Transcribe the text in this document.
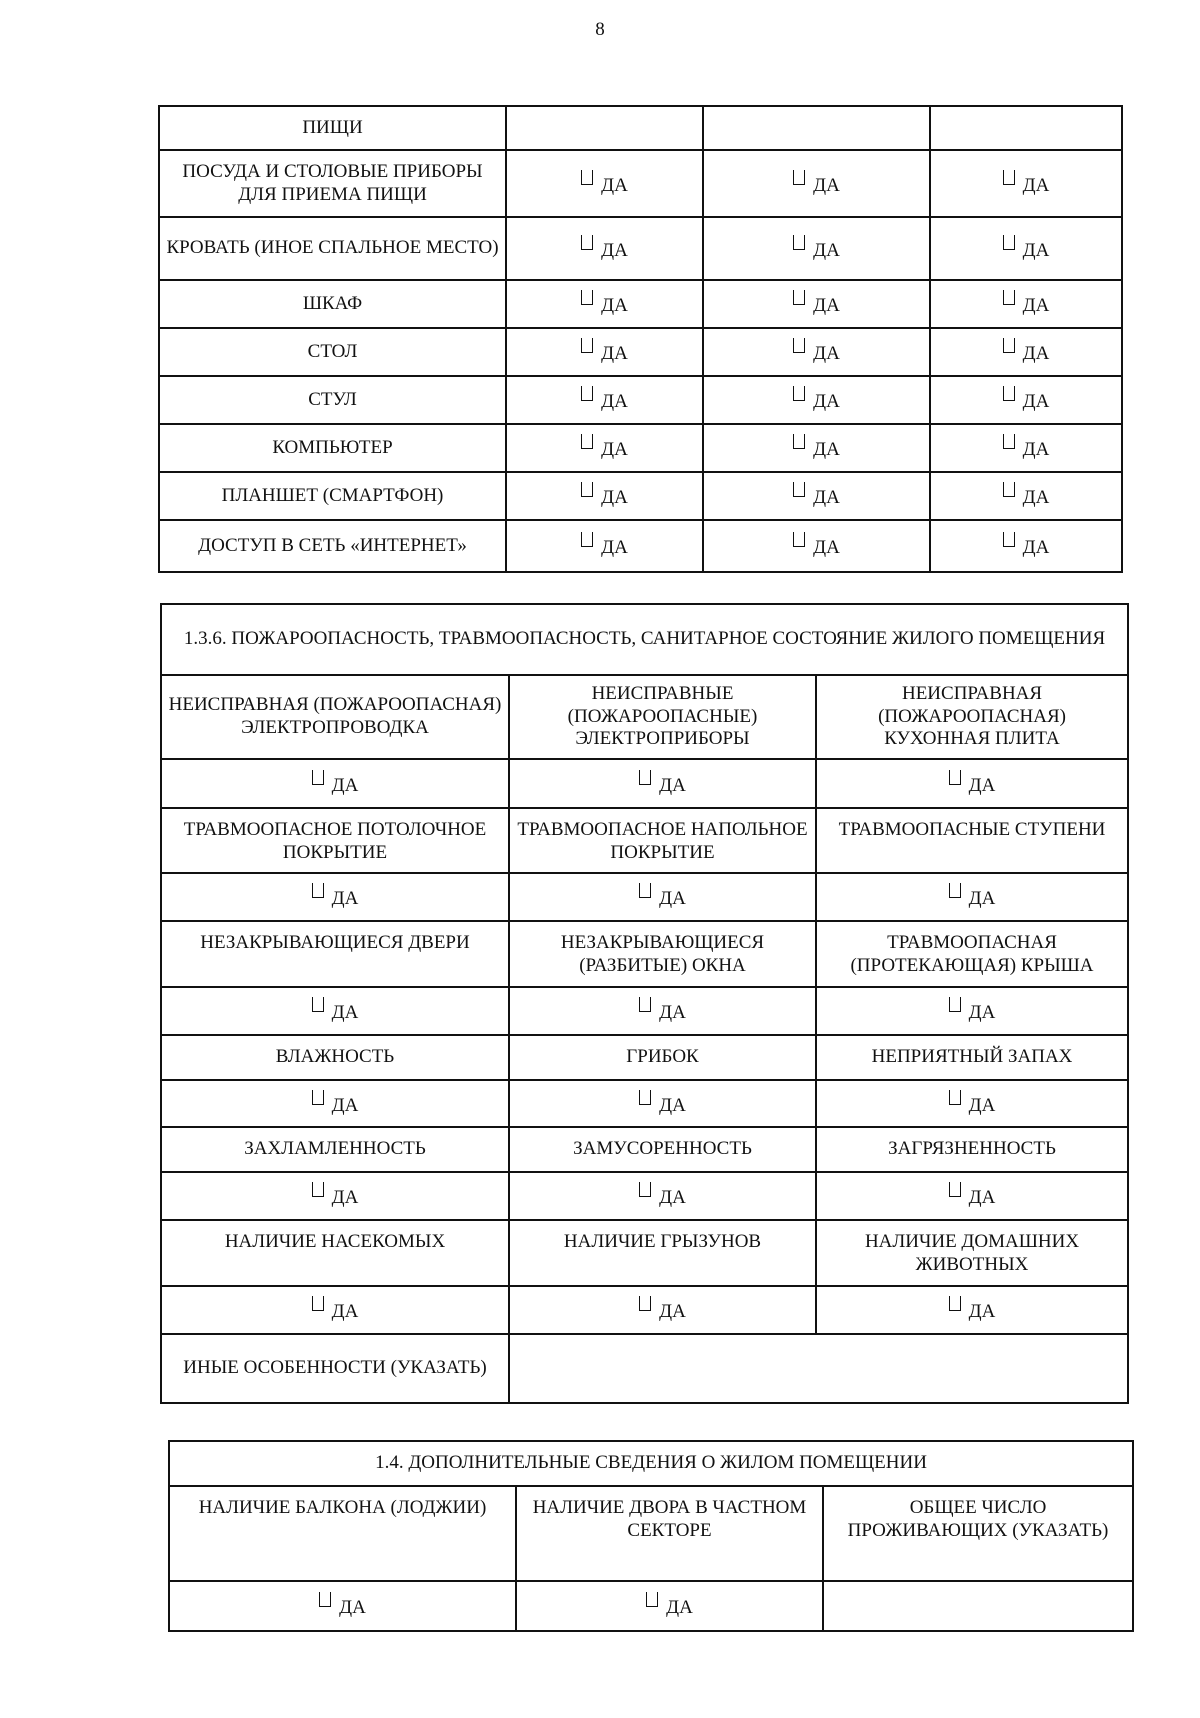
8
ПИЩИ			
ПОСУДА И СТОЛОВЫЕ ПРИБОРЫ ДЛЯ ПРИЕМА ПИЩИ	ДА	ДА	ДА
КРОВАТЬ (ИНОЕ СПАЛЬНОЕ МЕСТО)	ДА	ДА	ДА
ШКАФ	ДА	ДА	ДА
СТОЛ	ДА	ДА	ДА
СТУЛ	ДА	ДА	ДА
КОМПЬЮТЕР	ДА	ДА	ДА
ПЛАНШЕТ (СМАРТФОН)	ДА	ДА	ДА
ДОСТУП В СЕТЬ «ИНТЕРНЕТ»	ДА	ДА	ДА
1.3.6. ПОЖАРООПАСНОСТЬ, ТРАВМООПАСНОСТЬ, САНИТАРНОЕ СОСТОЯНИЕ ЖИЛОГО ПОМЕЩЕНИЯ		
НЕИСПРАВНАЯ (ПОЖАРООПАСНАЯ) ЭЛЕКТРОПРОВОДКА	НЕИСПРАВНЫЕ (ПОЖАРООПАСНЫЕ) ЭЛЕКТРОПРИБОРЫ	НЕИСПРАВНАЯ (ПОЖАРООПАСНАЯ) КУХОННАЯ ПЛИТА
ДА	ДА	ДА
ТРАВМООПАСНОЕ ПОТОЛОЧНОЕ ПОКРЫТИЕ	ТРАВМООПАСНОЕ НАПОЛЬНОЕ ПОКРЫТИЕ	ТРАВМООПАСНЫЕ СТУПЕНИ
ДА	ДА	ДА
НЕЗАКРЫВАЮЩИЕСЯ ДВЕРИ	НЕЗАКРЫВАЮЩИЕСЯ (РАЗБИТЫЕ) ОКНА	ТРАВМООПАСНАЯ (ПРОТЕКАЮЩАЯ) КРЫША
ДА	ДА	ДА
ВЛАЖНОСТЬ	ГРИБОК	НЕПРИЯТНЫЙ ЗАПАХ
ДА	ДА	ДА
ЗАХЛАМЛЕННОСТЬ	ЗАМУСОРЕННОСТЬ	ЗАГРЯЗНЕННОСТЬ
ДА	ДА	ДА
НАЛИЧИЕ НАСЕКОМЫХ	НАЛИЧИЕ ГРЫЗУНОВ	НАЛИЧИЕ ДОМАШНИХ ЖИВОТНЫХ
ДА	ДА	ДА
ИНЫЕ ОСОБЕННОСТИ (УКАЗАТЬ)		
1.4. ДОПОЛНИТЕЛЬНЫЕ СВЕДЕНИЯ О ЖИЛОМ ПОМЕЩЕНИИ		
НАЛИЧИЕ БАЛКОНА (ЛОДЖИИ)	НАЛИЧИЕ ДВОРА В ЧАСТНОМ СЕКТОРЕ	ОБЩЕЕ ЧИСЛО ПРОЖИВАЮЩИХ (УКАЗАТЬ)
ДА	ДА	
